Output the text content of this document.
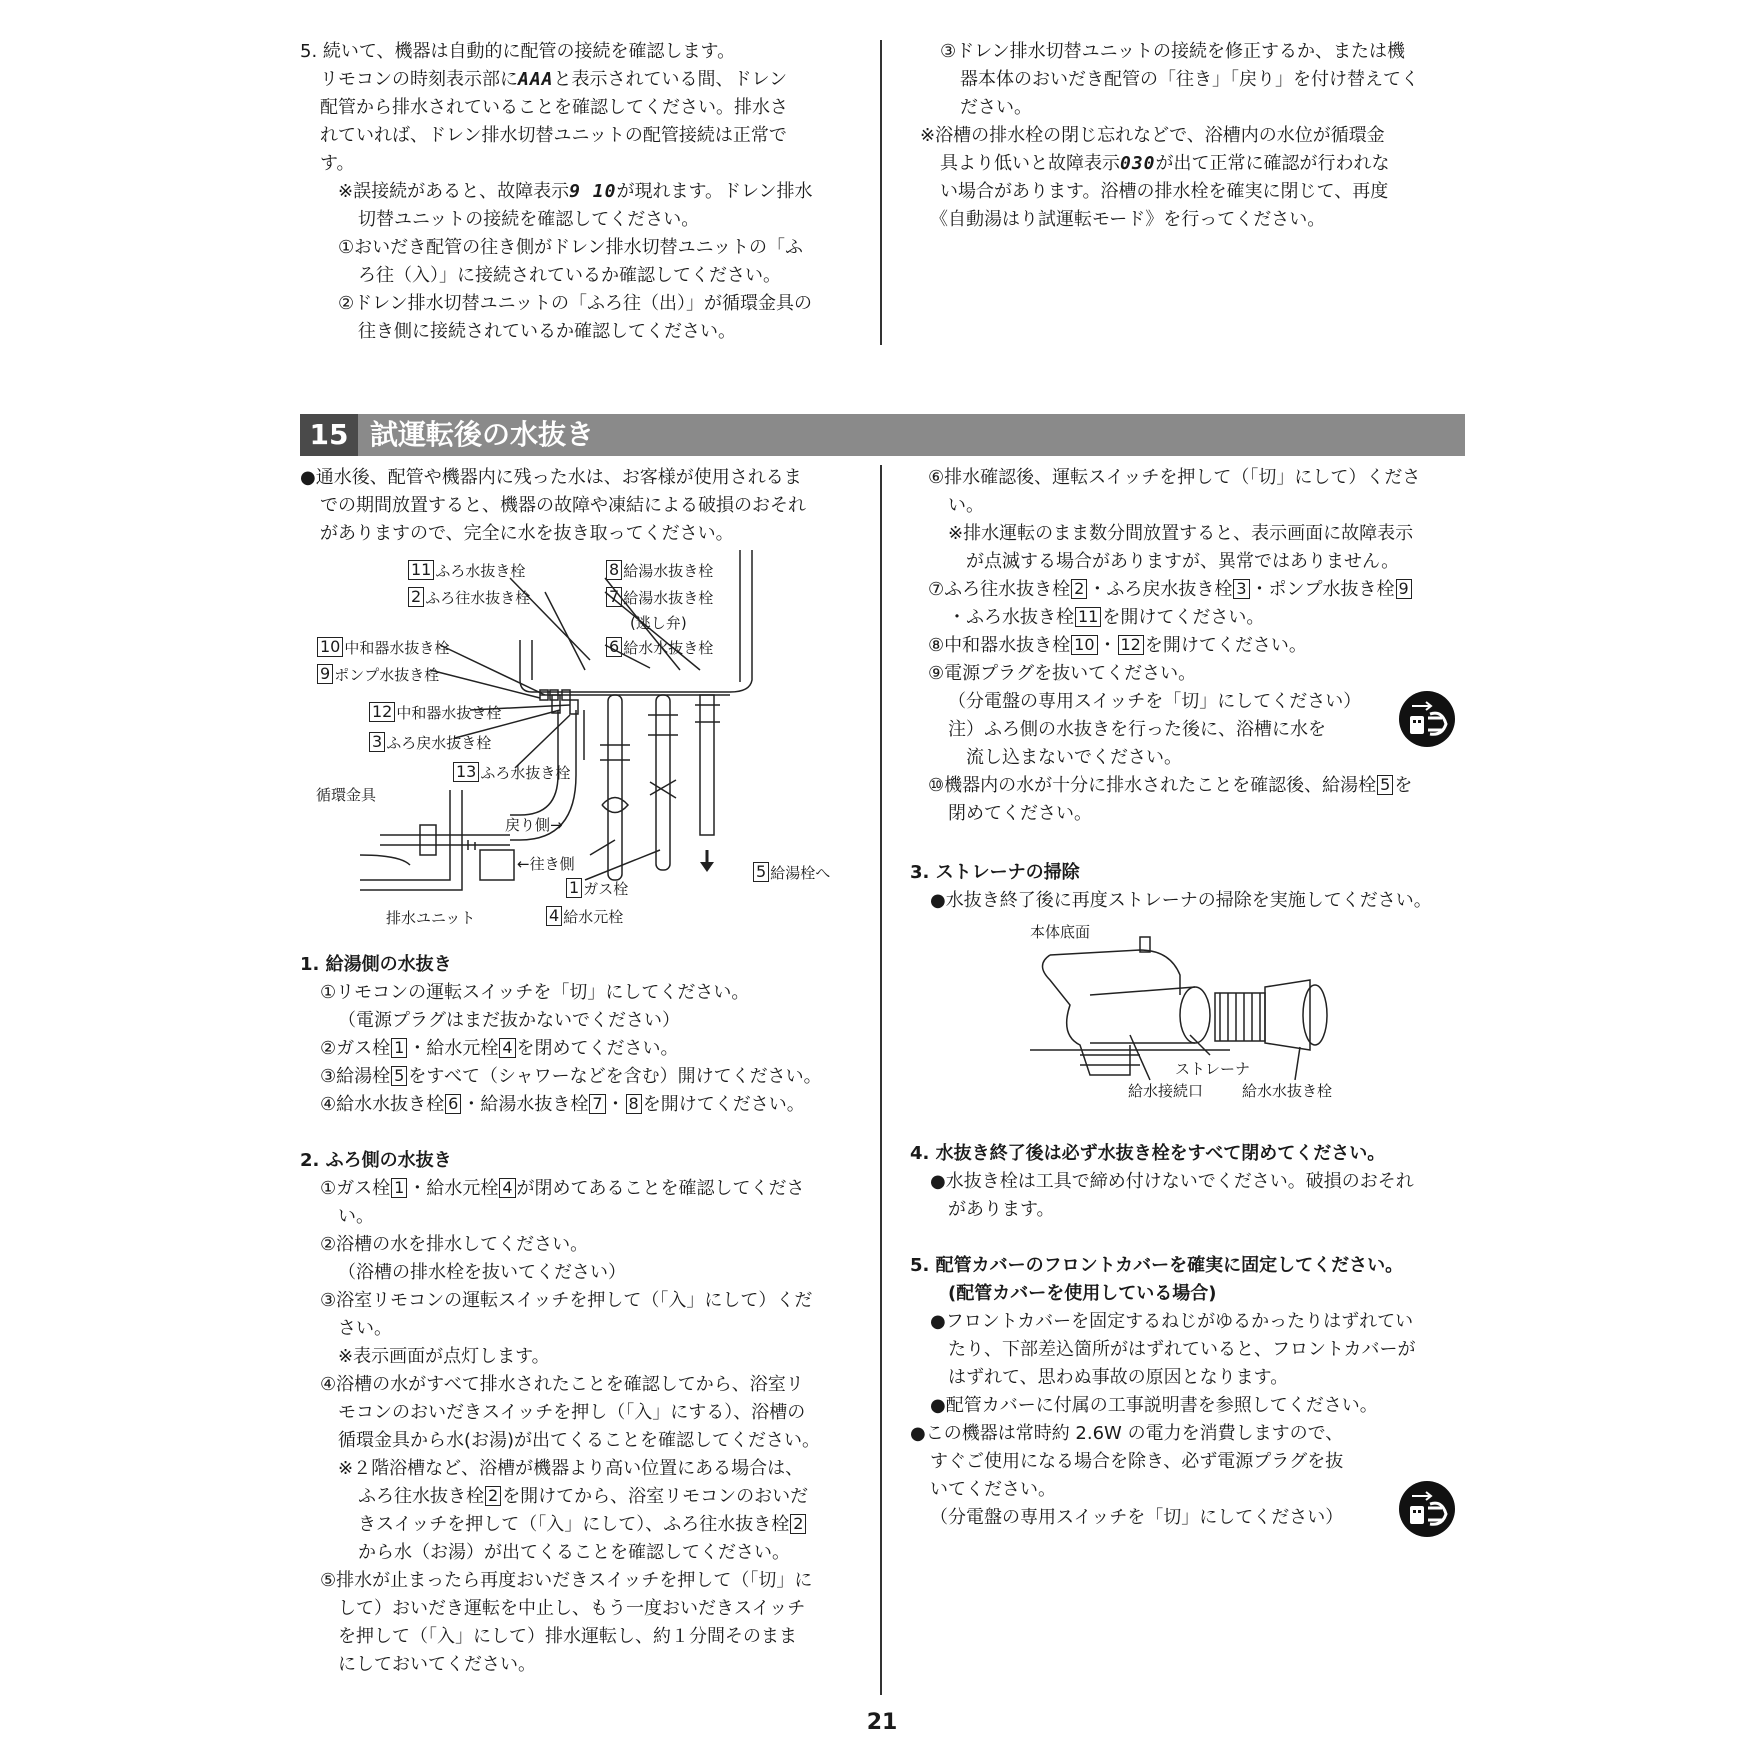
5. 続いて、機器は自動的に配管の接続を確認します。
リモコンの時刻表示部にAAAと表示されている間、ドレン
配管から排水されていることを確認してください。排水さ
れていれば、ドレン排水切替ユニットの配管接続は正常で
す。
※誤接続があると、故障表示9 10が現れます。ドレン排水
切替ユニットの接続を確認してください。
①おいだき配管の往き側がドレン排水切替ユニットの「ふ
ろ往（入）」に接続されているか確認してください。
②ドレン排水切替ユニットの「ふろ往（出）」が循環金具の
往き側に接続されているか確認してください。
③ドレン排水切替ユニットの接続を修正するか、または機
器本体のおいだき配管の「往き」「戻り」を付け替えてく
ださい。
※浴槽の排水栓の閉じ忘れなどで、浴槽内の水位が循環金
具より低いと故障表示030が出て正常に確認が行われな
い場合があります。浴槽の排水栓を確実に閉じて、再度
《自動湯はり試運転モード》を行ってください。
15 試運転後の水抜き
●通水後、配管や機器内に残った水は、お客様が使用されるま
での期間放置すると、機器の故障や凍結による破損のおそれ
がありますので、完全に水を抜き取ってください。
11 ふろ水抜き栓
2 ふろ往水抜き栓
8 給湯水抜き栓
7 給湯水抜き栓
(逃し弁)
6 給水水抜き栓
10 中和器水抜き栓
9 ポンプ水抜き栓
12 中和器水抜き栓
3 ふろ戻水抜き栓
13 ふろ水抜き栓
循環金具
戻り側→
←往き側
排水ユニット
1 ガス栓
4 給水元栓
5 給湯栓へ
1. 給湯側の水抜き
①リモコンの運転スイッチを「切」にしてください。
（電源プラグはまだ抜かないでください）
②ガス栓 1 ・給水元栓 4 を閉めてください。
③給湯栓 5 をすべて（シャワーなどを含む）開けてください。
④給水水抜き栓 6 ・給湯水抜き栓 7 ・ 8 を開けてください。
2. ふろ側の水抜き
①ガス栓 1 ・給水元栓 4 が閉めてあることを確認してくださ
い。
②浴槽の水を排水してください。
（浴槽の排水栓を抜いてください）
③浴室リモコンの運転スイッチを押して（「入」にして）くだ
さい。
※表示画面が点灯します。
④浴槽の水がすべて排水されたことを確認してから、浴室リ
モコンのおいだきスイッチを押し（「入」にする）、浴槽の
循環金具から水(お湯)が出てくることを確認してください。
※２階浴槽など、浴槽が機器より高い位置にある場合は、
ふろ往水抜き栓 2 を開けてから、浴室リモコンのおいだ
きスイッチを押して（「入」にして）、ふろ往水抜き栓 2
から水（お湯）が出てくることを確認してください。
⑤排水が止まったら再度おいだきスイッチを押して（「切」に
して）おいだき運転を中止し、もう一度おいだきスイッチ
を押して（「入」にして）排水運転し、約１分間そのまま
にしておいてください。
⑥排水確認後、運転スイッチを押して（「切」にして）くださ
い。
※排水運転のまま数分間放置すると、表示画面に故障表示
が点滅する場合がありますが、異常ではありません。
⑦ふろ往水抜き栓 2 ・ふろ戻水抜き栓 3 ・ポンプ水抜き栓 9
・ふろ水抜き栓 11 を開けてください。
⑧中和器水抜き栓 10 ・ 12 を開けてください。
⑨電源プラグを抜いてください。
（分電盤の専用スイッチを「切」にしてください）
注）ふろ側の水抜きを行った後に、浴槽に水を
流し込まないでください。
⑩機器内の水が十分に排水されたことを確認後、給湯栓 5 を
閉めてください。
3. ストレーナの掃除
●水抜き終了後に再度ストレーナの掃除を実施してください。
本体底面
ストレーナ
給水接続口	給水水抜き栓
4. 水抜き終了後は必ず水抜き栓をすべて閉めてください。
●水抜き栓は工具で締め付けないでください。破損のおそれ
があります。
5. 配管カバーのフロントカバーを確実に固定してください。
(配管カバーを使用している場合)
●フロントカバーを固定するねじがゆるかったりはずれてい
たり、下部差込箇所がはずれていると、フロントカバーが
はずれて、思わぬ事故の原因となります。
●配管カバーに付属の工事説明書を参照してください。
●この機器は常時約 2.6W の電力を消費しますので、
すぐご使用になる場合を除き、必ず電源プラグを抜
いてください。
（分電盤の専用スイッチを「切」にしてください）
21
